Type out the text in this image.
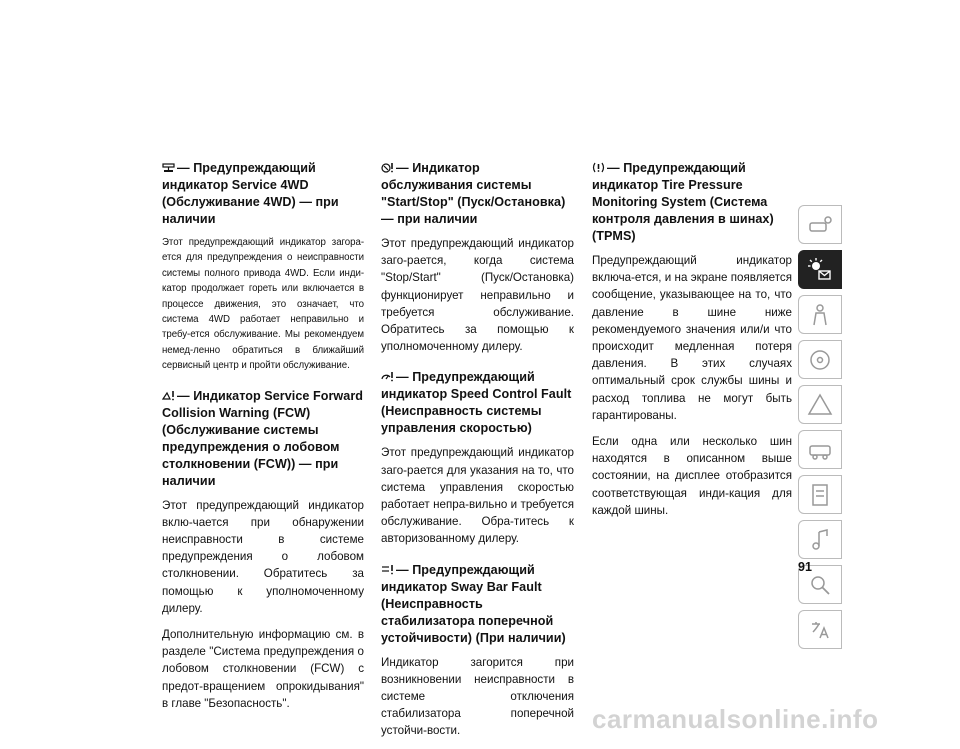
— Предупреждающий индикатор Service 4WD (Обслуживание 4WD) — при наличии

Этот предупреждающий индикатор загора-ется для предупреждения о неисправности системы полного привода 4WD. Если инди-катор продолжает гореть или включается в процессе движения, это означает, что система 4WD работает неправильно и требу-ется обслуживание. Мы рекомендуем немед-ленно обратиться в ближайший сервисный центр и пройти обслуживание.

— Индикатор Service Forward Collision Warning (FCW) (Обслуживание системы предупреждения о лобовом столкновении (FCW)) — при наличии

Этот предупреждающий индикатор вклю-чается при обнаружении неисправности в системе предупреждения о лобовом столкновении. Обратитесь за помощью к уполномоченному дилеру.

Дополнительную информацию см. в разделе "Система предупреждения о лобовом столкновении (FCW) с предот-вращением опрокидывания" в главе "Безопасность".

— Индикатор обслуживания системы "Start/Stop" (Пуск/Остановка) — при наличии

Этот предупреждающий индикатор заго-рается, когда система "Stop/Start" (Пуск/Остановка) функционирует неправильно и требуется обслуживание. Обратитесь за помощью к уполномоченному дилеру.

— Предупреждающий индикатор Speed Control Fault (Неисправность системы управления скоростью)

Этот предупреждающий индикатор заго-рается для указания на то, что система управления скоростью работает непра-вильно и требуется обслуживание. Обра-титесь к авторизованному дилеру.

— Предупреждающий индикатор Sway Bar Fault (Неисправность стабилизатора поперечной устойчивости) (При наличии)

Индикатор загорится при возникновении неисправности в системе отключения стабилизатора поперечной устойчи-вости.

— Предупреждающий индикатор Tire Pressure Monitoring System (Система контроля давления в шинах) (TPMS)

Предупреждающий индикатор включа-ется, и на экране появляется сообщение, указывающее на то, что давление в шине ниже рекомендуемого значения или/и что происходит медленная потеря давления. В этих случаях оптимальный срок службы шины и расход топлива не могут быть гарантированы.

Если одна или несколько шин находятся в описанном выше состоянии, на дисплее отобразится соответствующая инди-кация для каждой шины.

91
carmanualsonline.info
